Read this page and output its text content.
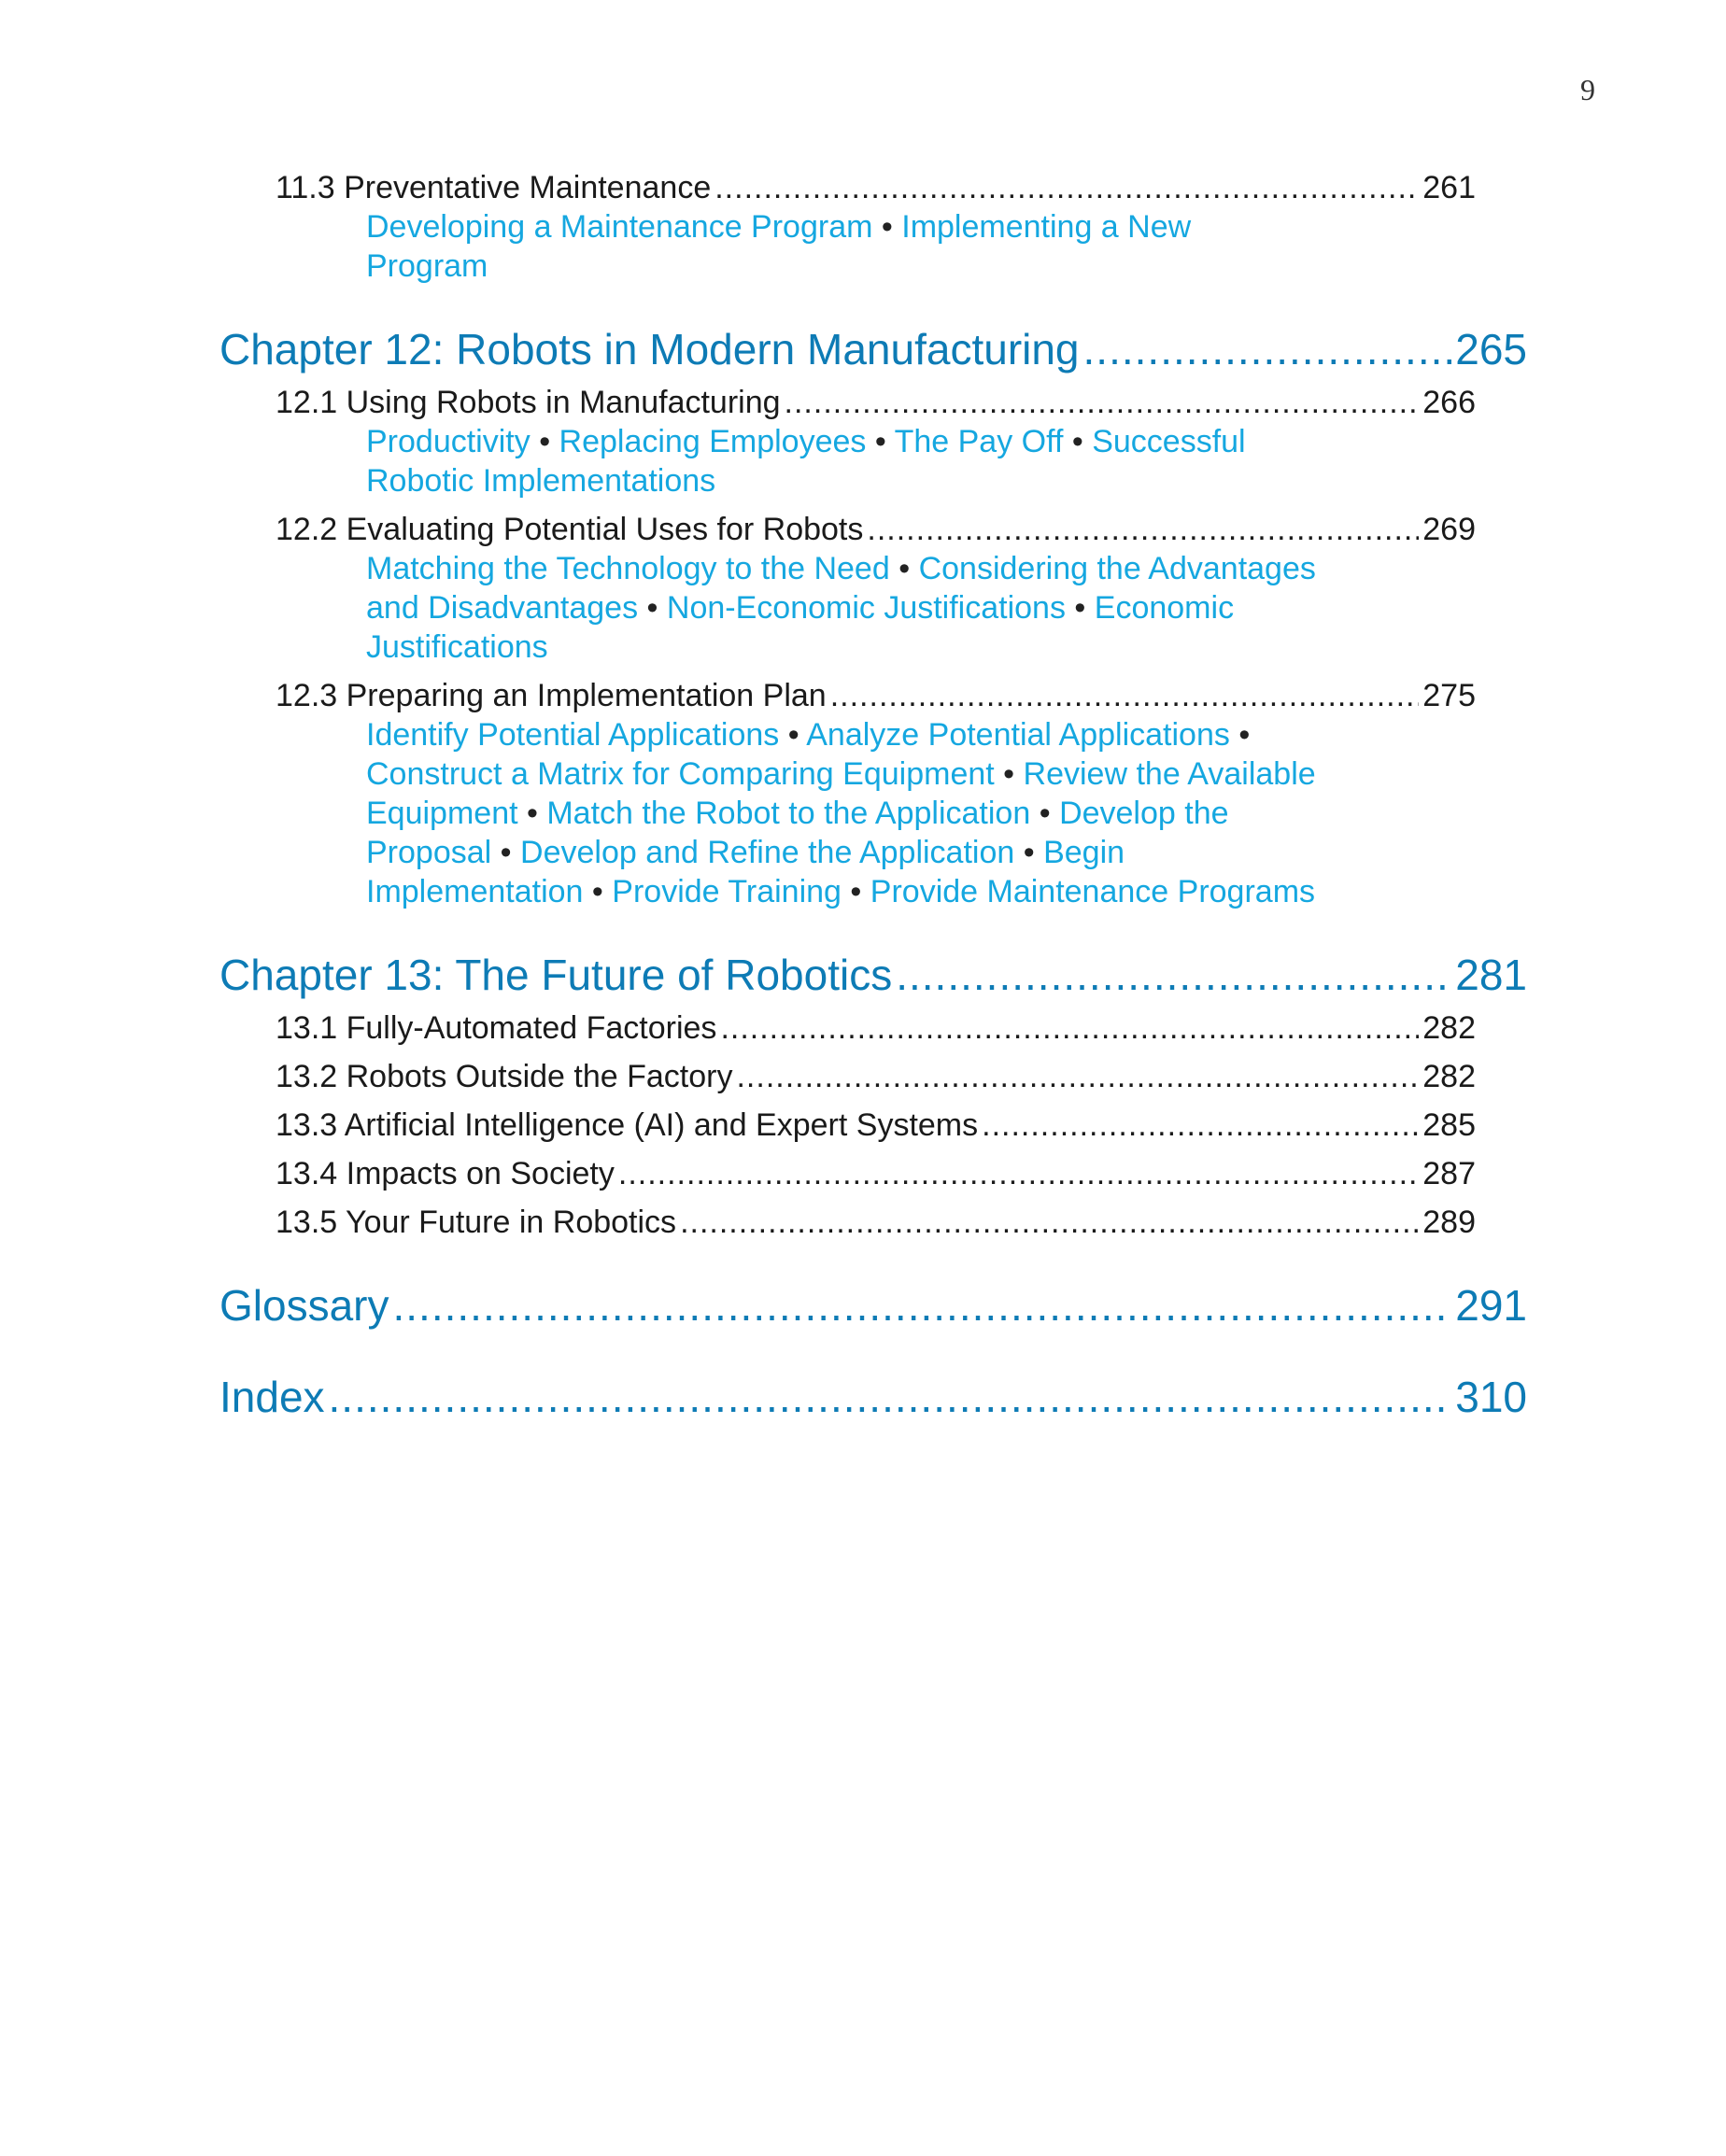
9
11.3 Preventative Maintenance .....	261
Developing a Maintenance Program • Implementing a New Program
Chapter 12: Robots in Modern Manufacturing .....	265
12.1 Using Robots in Manufacturing .....	266
Productivity • Replacing Employees • The Pay Off • Successful Robotic Implementations
12.2 Evaluating Potential Uses for Robots .....	269
Matching the Technology to the Need • Considering the Advantages and Disadvantages • Non-Economic Justifications • Economic Justifications
12.3 Preparing an Implementation Plan .....	275
Identify Potential Applications • Analyze Potential Applications • Construct a Matrix for Comparing Equipment • Review the Available Equipment • Match the Robot to the Application • Develop the Proposal • Develop and Refine the Application • Begin Implementation • Provide Training • Provide Maintenance Programs
Chapter 13: The Future of Robotics .....	281
13.1 Fully-Automated Factories .....	282
13.2 Robots Outside the Factory .....	282
13.3 Artificial Intelligence (AI) and Expert Systems .....	285
13.4 Impacts on Society .....	287
13.5 Your Future in Robotics .....	289
Glossary .....	291
Index .....	310
